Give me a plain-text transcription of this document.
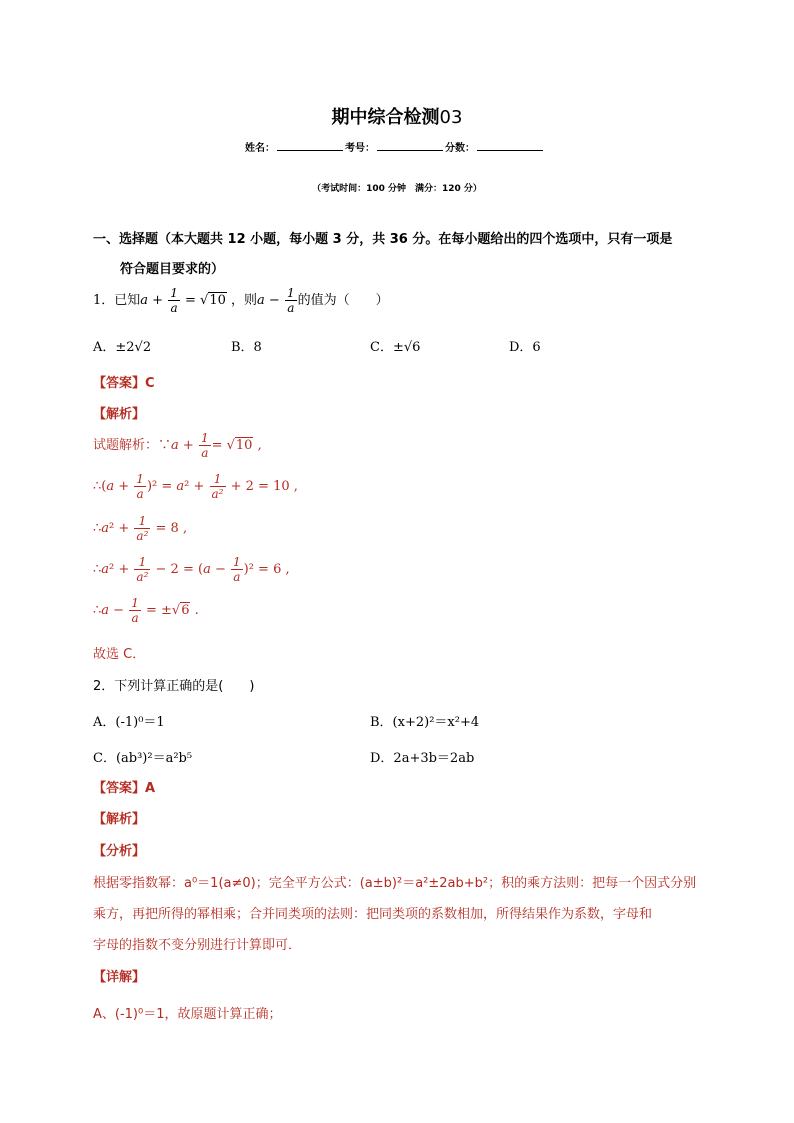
期中综合检测03
姓名：	考号：	分数：
（考试时间：100 分钟　满分：120 分）
一、选择题（本大题共 12 小题，每小题 3 分，共 36 分。在每小题给出的四个选项中，只有一项是
符合题目要求的）
1．已知$a + \frac{1}{a} = √10$ ，则$a - \frac{1}{a}$ 的值为（　　）
A．±2√2	B．8	C．±√6	D．6
【答案】C
【解析】
试题解析：∵a + $\frac{1}{a} = √10$ ,
∴(a + $\frac{1}{a} )^2 = a^2 + \frac{1}{\text{a²}} + 2 = 10$ ,
∴a² + $\frac{1}{\text{a²}} = 8$ ,
∴a² + $\frac{1}{\text{a²}} - 2 = (a - \frac{1}{a} )^2 = 6$ ,
∴a − $\frac{1}{a} = \pm√6$ .
故选 C．
2．下列计算正确的是(　　)
A．(-1)⁰＝1	B．(x+2)²＝x²+4
C．(ab³)²＝a²b⁵	D．2a+3b＝2ab
【答案】A
【解析】
【分析】
根据零指数幂：a⁰＝1(a≠0)；完全平方公式：(a±b)²＝a²±2ab+b²；积的乘方法则：把每一个因式分别
乘方，再把所得的幂相乘；合并同类项的法则：把同类项的系数相加，所得结果作为系数，字母和
字母的指数不变分别进行计算即可．
【详解】
A、(-1)⁰＝1，故原题计算正确；
